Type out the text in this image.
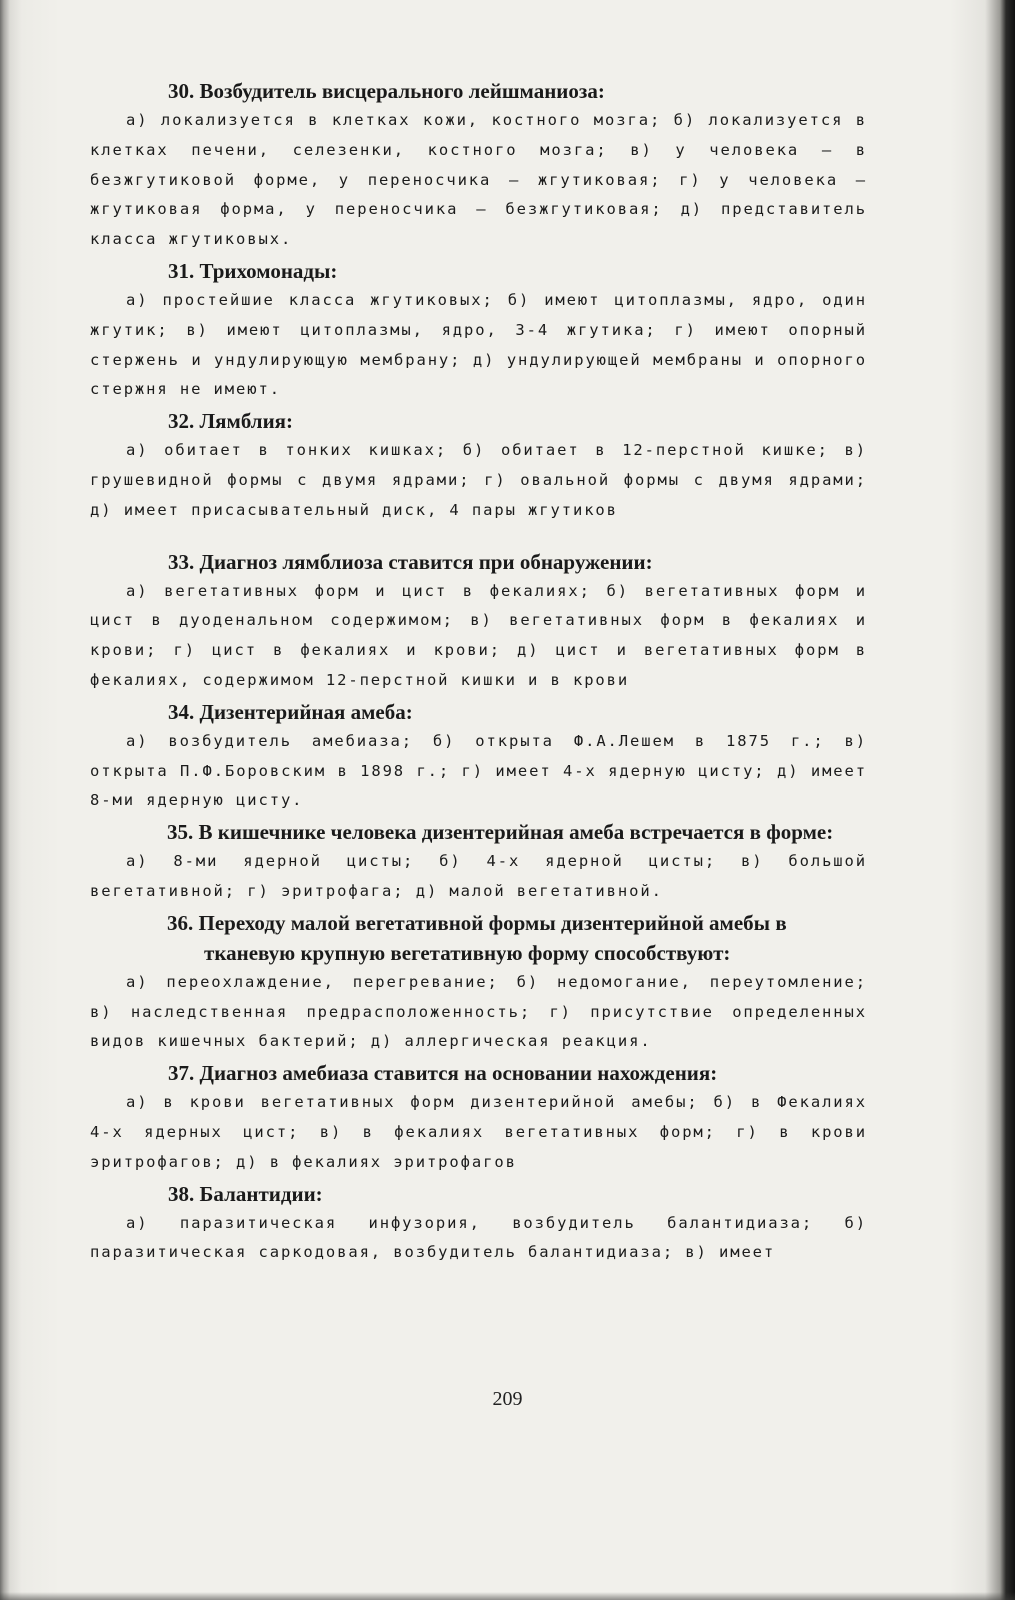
30. Возбудитель висцерального лейшманиоза:

а) локализуется в клетках кожи, костного мозга; б) локализуется в клетках печени, селезенки, костного мозга; в) у человека — в безжгутиковой форме, у переносчика — жгутиковая; г) у человека — жгутиковая форма, у переносчика — безжгутиковая; д) представитель класса жгутиковых.

31. Трихомонады:

а) простейшие класса жгутиковых; б) имеют цитоплазмы, ядро, один жгутик; в) имеют цитоплазмы, ядро, 3-4 жгутика; г) имеют опорный стержень и ундулирующую мембрану; д) ундулирующей мембраны и опорного стержня не имеют.

32. Лямблия:

а) обитает в тонких кишках; б) обитает в 12-перстной кишке; в) грушевидной формы с двумя ядрами; г) овальной формы с двумя ядрами; д) имеет присасывательный диск, 4 пары жгутиков

33. Диагноз лямблиоза ставится при обнаружении:

а) вегетативных форм и цист в фекалиях; б) вегетативных форм и цист в дуоденальном содержимом; в) вегетативных форм в фекалиях и крови; г) цист в фекалиях и крови; д) цист и вегетативных форм в фекалиях, содержимом 12-перстной кишки и в крови

34. Дизентерийная амеба:

а) возбудитель амебиаза; б) открыта Ф.А.Лешем в 1875 г.; в) открыта П.Ф.Боровским в 1898 г.; г) имеет 4-х ядерную цисту; д) имеет 8-ми ядерную цисту.

35. В кишечнике человека дизентерийная амеба встречается в форме:

а) 8-ми ядерной цисты; б) 4-х ядерной цисты; в) большой вегетативной; г) эритрофага; д) малой вегетативной.

36. Переходу малой вегетативной формы дизентерийной амебы в тканевую крупную вегетативную форму способствуют:

а) переохлаждение, перегревание; б) недомогание, переутомление; в) наследственная предрасположенность; г) присутствие определенных видов кишечных бактерий; д) аллергическая реакция.

37. Диагноз амебиаза ставится на основании нахождения:

а) в крови вегетативных форм дизентерийной амебы; б) в Фекалиях 4-х ядерных цист; в) в фекалиях вегетативных форм; г) в крови эритрофагов; д) в фекалиях эритрофагов

38. Балантидии:

а) паразитическая инфузория, возбудитель балантидиаза; б) паразитическая саркодовая, возбудитель балантидиаза; в) имеет

209
